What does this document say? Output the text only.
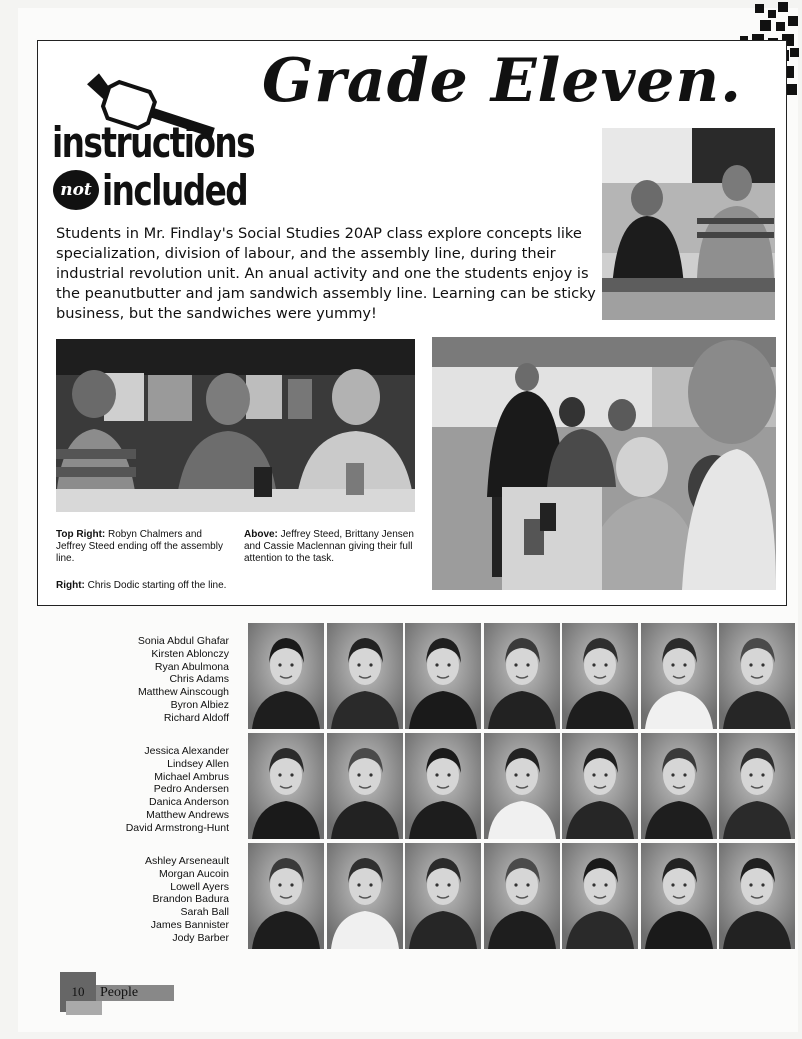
Grade Eleven.
instructions
not included
Students in Mr. Findlay's Social Studies 20AP class explore concepts like specialization, division of labour, and the assembly line, during their industrial revolution unit. An anual activity and one the students enjoy is the peanutbutter and jam sandwich assembly line. Learning can be sticky business, but the sandwiches were yummy!
Top Right: Robyn Chalmers and Jeffrey Steed ending off the assembly line.
Above: Jeffrey Steed, Brittany Jensen and Cassie Maclennan giving their full attention to the task.
Right: Chris Dodic starting off the line.
Sonia Abdul Ghafar
Kirsten Ablonczy
Ryan Abulmona
Chris Adams
Matthew Ainscough
Byron Albiez
Richard Aldoff
Jessica Alexander
Lindsey Allen
Michael Ambrus
Pedro Andersen
Danica Anderson
Matthew Andrews
David Armstrong-Hunt
Ashley Arseneault
Morgan Aucoin
Lowell Ayers
Brandon Badura
Sarah Ball
James Bannister
Jody Barber
10	People
